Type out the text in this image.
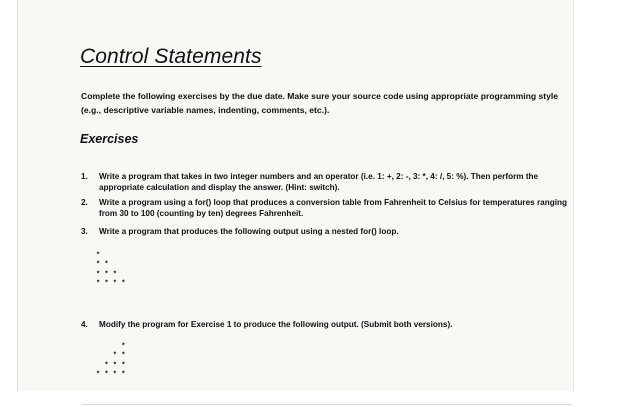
Control Statements

Complete the following exercises by the due date. Make sure your source code using appropriate programming style (e.g., descriptive variable names, indenting, comments, etc.).

Exercises
1.	Write a program that takes in two integer numbers and an operator (i.e. 1: +, 2: -, 3: *, 4: /, 5: %). Then perform the appropriate calculation and display the answer. (Hint: switch).
2.	Write a program using a for() loop that produces a conversion table from Fahrenheit to Celsius for temperatures ranging from 30 to 100 (counting by ten) degrees Fahrenheit.
3.	Write a program that produces the following output using a nested for() loop.
*
* *
* * *
* * * *
4.	Modify the program for Exercise 1 to produce the following output. (Submit both versions).
*
* *
* * *
* * * *
